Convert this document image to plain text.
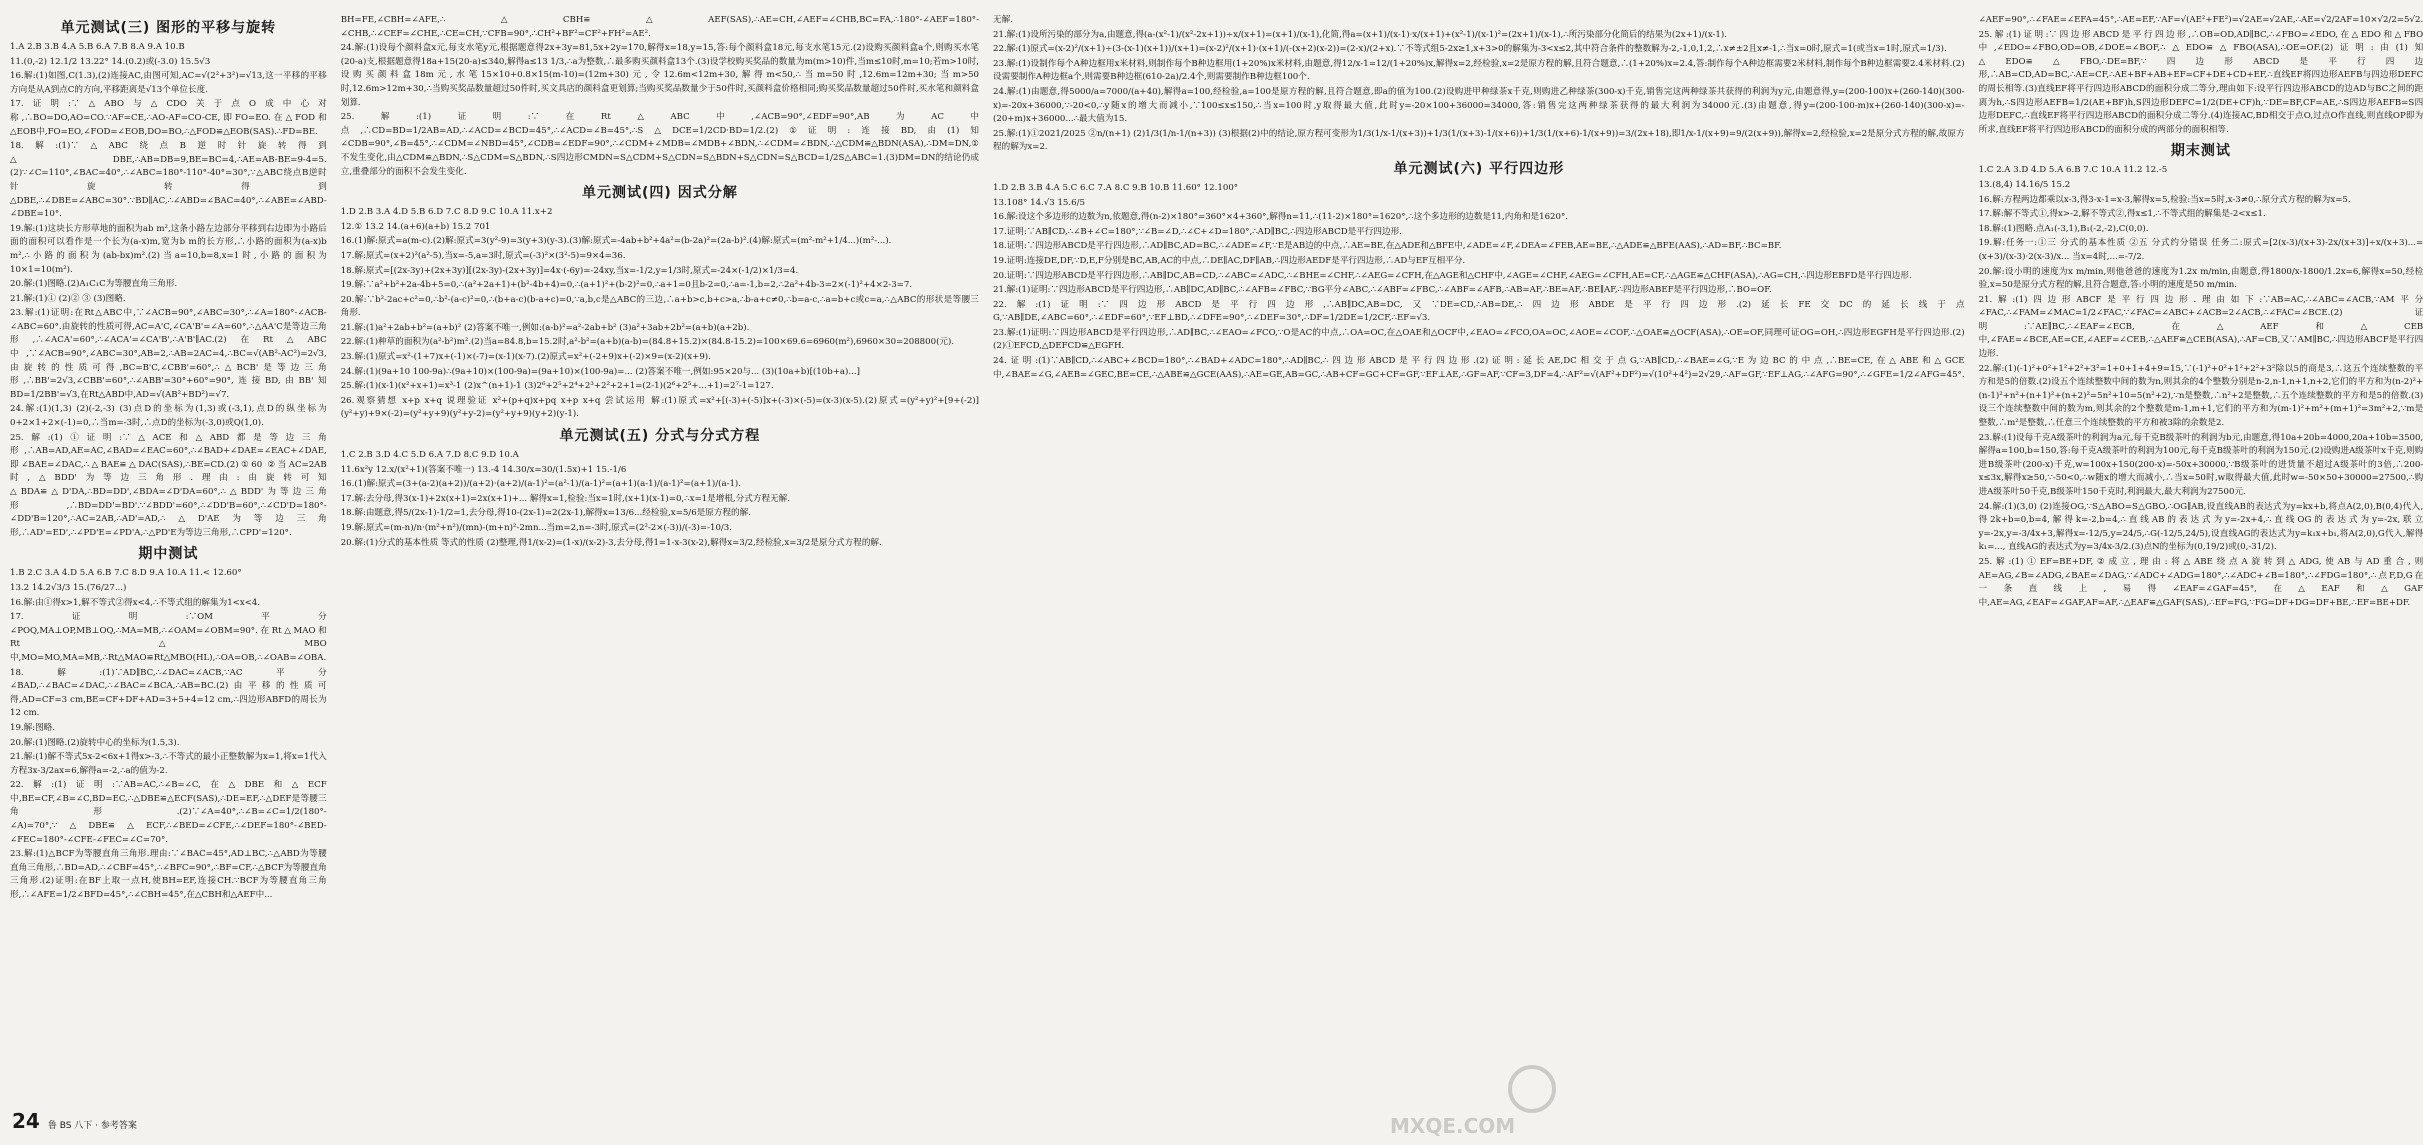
单元测试(三) 图形的平移与旋转

1.A 2.B 3.B 4.A 5.B 6.A 7.B 8.A 9.A 10.B

11.(0,-2) 12.1/2 13.22° 14.(0.2)或(-3.0) 15.5√3

16.解:(1)如图,C(1.3),(2)连接AC,由图可知,AC=√(2²+3²)=√13,这一平移的平移方向是从A到点C的方向,平移距离是√13个单位长度.

17.证明:∵△ABO与△CDO关于点O成中心对称,∴BO=DO,AO=CO.∵AF=CE,∴AO-AF=CO-CE,即FO=EO.在△FOD和△EOB中,FO=EO,∠FOD=∠EOB,DO=BO,∴△FOD≌△EOB(SAS).∴FD=BE.

18.解:(1)∵△ABC绕点B逆时针旋转得到△DBE,∴AB=DB=9,BE=BC=4,∴AE=AB-BE=9-4=5.(2)∵∠C=110°,∠BAC=40°,∴∠ABC=180°-110°-40°=30°,∵△ABC绕点B逆时针旋转得到△DBE,∴∠DBE=∠ABC=30°.∵BD∥AC,∴∠ABD=∠BAC=40°,∴∠ABE=∠ABD-∠DBE=10°.

19.解:(1)这块长方形草地的面积为ab m²,这条小路左边部分平移到右边即为小路后面的面积可以看作是一个长为(a-x)m,宽为b m的长方形,∴小路的面积为(a-x)b m²,∴小路的面积为(ab-bx)m².(2)当a=10,b=8,x=1时,小路的面积为10×1=10(m²).

20.解:(1)图略.(2)A₁C₁C为等腰直角三角形.

21.解:(1)① (2)② ③ (3)图略.

23.解:(1)证明:在Rt△ABC中,∵∠ACB=90°,∠ABC=30°,∴∠A=180°-∠ACB-∠ABC=60°.由旋转的性质可得,AC=A'C,∠CA'B'=∠A=60°,∴△AA'C是等边三角形,∴∠ACA'=60°,∴∠ACA'=∠CA'B',∴A'B'∥AC.(2)在Rt△ABC中,∵∠ACB=90°,∠ABC=30°,AB=2,∴AB=2AC=4,∴BC=√(AB²-AC²)=2√3,由旋转的性质可得,BC=B'C,∠CBB'=60°,∴△BCB'是等边三角形,∴BB'=2√3,∠CBB'=60°,∴∠ABB'=30°+60°=90°,连接BD,由BB'知BD=1/2BB'=√3,在Rt△ABD中,AD=√(AB²+BD²)=√7.

24.解:(1)(1,3) (2)(-2,-3) (3)点D的坐标为(1,3)或(-3,1),点D的纵坐标为0+2×1+2×(-1)=0,∴当m=-3时,∴点D的坐标为(-3,0)或Q(1,0).

25.解:(1)①证明:∵△ACE和△ABD都是等边三角形,∴AB=AD,AE=AC,∠BAD=∠EAC=60°,∴∠BAD+∠DAE=∠EAC+∠DAE,即∠BAE=∠DAC,∴△BAE≌△DAC(SAS),∴BE=CD.(2)①60 ②当AC=2AB时,△BDD'为等边三角形.理由:由旋转可知△BDA≌△D'DA,∴BD=DD',∠BDA=∠D'DA=60°,∴△BDD'为等边三角形,∴BD=DD'=BD'.∵∠BDD'=60°,∴∠DD'B=60°,∴∠CD'D=180°-∠DD'B=120°,∴AC=2AB,∴AD'=AD,∴△D'AE为等边三角形,∴AD'=ED',∴∠PD'E=∠PD'A,∴△PD'E为等边三角形,∴CPD'=120°.

期中测试

1.B 2.C 3.A 4.D 5.A 6.B 7.C 8.D 9.A 10.A 11.< 12.60°

13.2 14.2√3/3 15.(76/27...)

16.解:由①得x>1,解不等式②得x<4,∴不等式组的解集为1<x<4.

17.证明:∵OM平分∠POQ,MA⊥OP,MB⊥OQ,∴MA=MB,∴∠OAM=∠OBM=90°.在Rt△MAO和Rt△MBO中,MO=MO,MA=MB,∴Rt△MAO≌Rt△MBO(HL),∴OA=OB,∴∠OAB=∠OBA.

18.解:(1)∵AD∥BC,∴∠DAC=∠ACB,∵AC平分∠BAD,∴∠BAC=∠DAC,∴∠BAC=∠BCA,∴AB=BC.(2)由平移的性质可得,AD=CF=3 cm,BE=CF+DF+AD=3+5+4=12 cm,∴四边形ABFD的周长为12 cm.

19.解:图略.

20.解:(1)图略.(2)旋转中心的坐标为(1.5,3).

21.解:(1)解不等式5x-2<6x+1得x>-3,∴不等式的最小正整数解为x=1,将x=1代入方程3x-3/2ax=6,解得a=-2,∴a的值为-2.

22.解:(1)证明:∵AB=AC,∴∠B=∠C,在△DBE和△ECF中,BE=CF,∠B=∠C,BD=EC,∴△DBE≌△ECF(SAS),∴DE=EF,∴△DEF是等腰三角形.(2)∵∠A=40°,∴∠B=∠C=1/2(180°-∠A)=70°,∵△DBE≌△ECF,∴∠BED=∠CFE,∴∠DEF=180°-∠BED-∠FEC=180°-∠CFE-∠FEC=∠C=70°.

23.解:(1)△BCF为等腰直角三角形.理由:∵∠BAC=45°,AD⊥BC,∴△ABD为等腰直角三角形,∴BD=AD,∴∠CBF=45°,∴∠BFC=90°,∴BF=CF,∴△BCF为等腰直角三角形.(2)证明:在BF上取一点H,使BH=EF,连接CH.∵BCF为等腰直角三角形,∴∠AFE=1/2∠BFD=45°,∴∠CBH=45°,在△CBH和△AEF中...

BH=FE,∠CBH=∠AFE,∴△CBH≌△AEF(SAS),∴AE=CH,∠AEF=∠CHB,BC=FA,∴180°-∠AEF=180°-∠CHB,∴∠CEF=∠CHE,∴CE=CH,∵CFB=90°,∴CH²+BF²=CF²+FH²=AE².

24.解:(1)设每个颜料盒x元,每支水笔y元,根据题意得2x+3y=81,5x+2y=170,解得x=18,y=15,答:每个颜料盒18元,每支水笔15元.(2)设购买颜料盒a个,则购买水笔(20-a)支,根据题意得18a+15(20-a)≤340,解得a≤13 1/3,∴a为整数,∴最多购买颜料盒13个.(3)设学校购买奖品的数量为m(m>10)件,当m≤10时,m=10;若m>10时,设购买颜料盒18m元,水笔15×10+0.8×15(m-10)=(12m+30)元,令12.6m<12m+30,解得m<50,∴当m=50时,12.6m=12m+30;当m>50时,12.6m>12m+30,∴当购买奖品数量超过50件时,买文具店的颜料盒更划算;当购买奖品数量少于50件时,买颜料盒价格相同;购买奖品数量超过50件时,买水笔和颜料盒划算.

25.解:(1)证明:∵在Rt△ABC中,∠ACB=90°,∠EDF=90°,AB为AC中点,∴CD=BD=1/2AB=AD,∴∠ACD=∠BCD=45°,∴∠ACD=∠B=45°,∴S△DCE=1/2CD·BD=1/2.(2)①证明:连接BD,由(1)知∠CDB=90°,∠B=45°,∴∠CDM=∠NBD=45°,∠CDB=∠EDF=90°,∴∠CDM+∠MDB=∠MDB+∠BDN,∴∠CDM=∠BDN,∴△CDM≌△BDN(ASA),∴DM=DN,①不发生变化,由△CDM≌△BDN,∴S△CDM=S△BDN,∴S四边形CMDN=S△CDM+S△CDN=S△BDN+S△CDN=S△BCD=1/2S△ABC=1.(3)DM=DN的结论仍成立,重叠部分的面积不会发生变化.

单元测试(四) 因式分解

1.D 2.B 3.A 4.D 5.B 6.D 7.C 8.D 9.C 10.A 11.x+2

12.① 13.2 14.(a+6)(a+b) 15.2 701

16.(1)解:原式=a(m-c).(2)解:原式=3(y²-9)=3(y+3)(y-3).(3)解:原式=-4ab+b²+4a²=(b-2a)²=(2a-b)².(4)解:原式=(m²-m²+1/4...)(m²-...).

17.解:原式=(x+2)²(a²-5),当x=-5,a=3时,原式=(-3)²×(3²-5)=9×4=36.

18.解:原式=[(2x-3y)+(2x+3y)][(2x-3y)-(2x+3y)]=4x·(-6y)=-24xy,当x=-1/2,y=1/3时,原式=-24×(-1/2)×1/3=4.

19.解:∵a²+b²+2a-4b+5=0,∴(a²+2a+1)+(b²-4b+4)=0,∴(a+1)²+(b-2)²=0,∴a+1=0且b-2=0,∴a=-1,b=2,∴2a²+4b-3=2×(-1)²+4×2-3=7.

20.解:∵b²-2ac+c²=0,∴b²-(a-c)²=0,∴(b+a-c)(b-a+c)=0,∵a,b,c是△ABC的三边,∴a+b>c,b+c>a,∴b-a+c≠0,∴b=a-c,∴a=b+c或c=a,∴△ABC的形状是等腰三角形.

21.解:(1)a²+2ab+b²=(a+b)² (2)答案不唯一,例如:(a-b)²=a²-2ab+b² (3)a²+3ab+2b²=(a+b)(a+2b).

22.解:(1)种草的面积为(a²-b²)m².(2)当a=84.8,b=15.2时,a²-b²=(a+b)(a-b)=(84.8+15.2)×(84.8-15.2)=100×69.6=6960(m²),6960×30=208800(元).

23.解:(1)原式=x²-(1+7)x+(-1)×(-7)=(x-1)(x-7).(2)原式=x²+(-2+9)x+(-2)×9=(x-2)(x+9).

24.解:(1)(9a+10 100-9a)∴(9a+10)×(100-9a)=(9a+10)×(100-9a)=... (2)答案不唯一,例如:95×20与... (3)(10a+b)[(10b+a)...]

25.解:(1)(x-1)(x²+x+1)=x³-1 (2)x^(n+1)-1 (3)2⁶+2⁵+2⁴+2³+2²+2+1=(2-1)(2⁶+2⁵+...+1)=2⁷-1=127.

26.观察猜想 x+p x+q 说理验证 x²+(p+q)x+pq x+p x+q 尝试运用 解:(1)原式=x²+[(-3)+(-5)]x+(-3)×(-5)=(x-3)(x-5).(2)原式=(y²+y)²+[9+(-2)](y²+y)+9×(-2)=(y²+y+9)(y²+y-2)=(y²+y+9)(y+2)(y-1).

单元测试(五) 分式与分式方程

1.C 2.B 3.D 4.C 5.D 6.A 7.D 8.C 9.D 10.A

11.6x²y 12.x/(x²+1)(答案不唯一) 13.-4 14.30/x=30/(1.5x)+1 15.-1/6

16.(1)解:原式=(3+(a-2)(a+2))/(a+2)·(a+2)/(a-1)²=(a²-1)/(a-1)²=(a+1)(a-1)/(a-1)²=(a+1)/(a-1).

17.解:去分母,得3(x-1)+2x(x+1)=2x(x+1)+... 解得x=1,检验:当x=1时,(x+1)(x-1)=0,∴x=1是增根,分式方程无解.

18.解:由题意,得5/(2x-1)-1/2=1,去分母,得10-(2x-1)=2(2x-1),解得x=13/6...经检验,x=5/6是原方程的解.

19.解:原式=(m-n)/n·(m²+n²)/(mn)-(m+n)²-2mn...当m=2,n=-3时,原式=(2²-2×(-3))/(-3)=-10/3.

20.解:(1)分式的基本性质 等式的性质 (2)整理,得1/(x-2)=(1-x)/(x-2)-3,去分母,得1=1-x-3(x-2),解得x=3/2,经检验,x=3/2是原分式方程的解.

无解.

21.解:(1)设所污染的部分为a,由题意,得(a-(x²-1)/(x²-2x+1))÷x/(x+1)=(x+1)/(x-1),化简,得a=(x+1)/(x-1)·x/(x+1)+(x²-1)/(x-1)²=(2x+1)/(x-1),∴所污染部分化简后的结果为(2x+1)/(x-1).

22.解:(1)原式=(x-2)²/(x+1)÷(3-(x-1)(x+1))/(x+1)=(x-2)²/(x+1)·(x+1)/(-(x+2)(x-2))=(2-x)/(2+x).∵不等式组5-2x≥1,x+3>0的解集为-3<x≤2,其中符合条件的整数解为-2,-1,0,1,2,∴x≠±2且x≠-1,∴当x=0时,原式=1(或当x=1时,原式=1/3).

23.解:(1)设制作每个A种边框用x米材料,则制作每个B种边框用(1+20%)x米材料,由题意,得12/x-1=12/(1+20%)x,解得x=2,经检验,x=2是原方程的解,且符合题意,∴(1+20%)x=2.4,答:制作每个A种边框需要2米材料,制作每个B种边框需要2.4米材料.(2)设需要制作A种边框a个,则需要B种边框(610-2a)/2.4个,则需要制作B种边框100个.

24.解:(1)由题意,得5000/a=7000/(a+40),解得a=100,经检验,a=100是原方程的解,且符合题意,即a的值为100.(2)设购进甲种绿茶x千克,则购进乙种绿茶(300-x)千克,销售完这两种绿茶共获得的利润为y元,由题意得,y=(200-100)x+(260-140)(300-x)=-20x+36000,∵-20<0,∴y随x的增大而减小,∵100≤x≤150,∴当x=100时,y取得最大值,此时y=-20×100+36000=34000,答:销售完这两种绿茶获得的最大利润为34000元.(3)由题意,得y=(200-100-m)x+(260-140)(300-x)=-(20+m)x+36000...∴最大值为15.

25.解:(1)①2021/2025 ②n/(n+1) (2)1/3(1/n-1/(n+3)) (3)根据(2)中的结论,原方程可变形为1/3(1/x-1/(x+3))+1/3(1/(x+3)-1/(x+6))+1/3(1/(x+6)-1/(x+9))=3/(2x+18),即1/x-1/(x+9)=9/(2(x+9)),解得x=2,经检验,x=2是原分式方程的解,故原方程的解为x=2.

单元测试(六) 平行四边形

1.D 2.B 3.B 4.A 5.C 6.C 7.A 8.C 9.B 10.B 11.60° 12.100°

13.108° 14.√3 15.6/5

16.解:设这个多边形的边数为n,依题意,得(n-2)×180°=360°×4+360°,解得n=11,∴(11-2)×180°=1620°,∴这个多边形的边数是11,内角和是1620°.

17.证明:∵AB∥CD,∴∠B+∠C=180°,∵∠B=∠D,∴∠C+∠D=180°,∴AD∥BC,∴四边形ABCD是平行四边形.

18.证明:∵四边形ABCD是平行四边形,∴AD∥BC,AD=BC,∴∠ADE=∠F,∵E是AB边的中点,∴AE=BE,在△ADE和△BFE中,∠ADE=∠F,∠DEA=∠FEB,AE=BE,∴△ADE≌△BFE(AAS),∴AD=BF,∴BC=BF.

19.证明:连接DE,DF,∵D,E,F分别是BC,AB,AC的中点,∴DE∥AC,DF∥AB,∴四边形AEDF是平行四边形,∴AD与EF互相平分.

20.证明:∵四边形ABCD是平行四边形,∴AB∥DC,AB=CD,∴∠ABC=∠ADC,∴∠BHE=∠CHF,∴∠AEG=∠CFH,在△AGE和△CHF中,∠AGE=∠CHF,∠AEG=∠CFH,AE=CF,∴△AGE≌△CHF(ASA),∴AG=CH,∴四边形EBFD是平行四边形.

21.解:(1)证明:∵四边形ABCD是平行四边形,∴AB∥DC,AD∥BC,∴∠AFB=∠FBC,∵BG平分∠ABC,∴∠ABF=∠FBC,∴∠ABF=∠AFB,∴AB=AF,∴BE=AF,∴BE∥AF,∴四边形ABEF是平行四边形,∴BO=OF.

22.解:(1)证明:∵四边形ABCD是平行四边形,∴AB∥DC,AB=DC,又∵DE=CD,∴AB=DE,∴四边形ABDE是平行四边形.(2)延长FE交DC的延长线于点G,∵AB∥DE,∠ABC=60°,∴∠EDF=60°,∵EF⊥BD,∴∠DFE=90°,∴∠DEF=30°,∴DF=1/2DE=1/2CF,∴EF=√3.

23.解:(1)证明:∵四边形ABCD是平行四边形,∴AD∥BC,∴∠EAO=∠FCO,∵O是AC的中点,∴OA=OC,在△OAE和△OCF中,∠EAO=∠FCO,OA=OC,∠AOE=∠COF,∴△OAE≌△OCF(ASA),∴OE=OF,同理可证OG=OH,∴四边形EGFH是平行四边形.(2)(2)①EFCD,△DEFCD≌△EGFH.

24.证明:(1)∵AB∥CD,∴∠ABC+∠BCD=180°,∴∠BAD+∠ADC=180°,∴AD∥BC,∴四边形ABCD是平行四边形.(2)证明:延长AE,DC相交于点G,∵AB∥CD,∴∠BAE=∠G,∵E为边BC的中点,∴BE=CE,在△ABE和△GCE中,∠BAE=∠G,∠AEB=∠GEC,BE=CE,∴△ABE≌△GCE(AAS),∴AE=GE,AB=GC,∴AB+CF=GC+CF=GF,∵EF⊥AE,∴GF=AF,∵CF=3,DF=4,∴AF²=√(AF²+DF²)=√(10²+4²)=2√29,∴AF=GF,∵EF⊥AG,∴∠AFG=90°,∴∠GFE=1/2∠AFG=45°.

∠AEF=90°,∴∠FAE=∠EFA=45°,∴AE=EF,∵AF=√(AE²+FE²)=√2AE=√2AE,∴AE=√2/2AF=10×√2/2=5√2.

25.解:(1)证明:∵四边形ABCD是平行四边形,∴OB=OD,AD∥BC,∴∠FBO=∠EDO,在△EDO和△FBO中,∠EDO=∠FBO,OD=OB,∠DOE=∠BOF,∴△EDO≌△FBO(ASA),∴OE=OF.(2)证明:由(1)知△EDO≌△FBO,∴DE=BF,∵四边形ABCD是平行四边形,∴AB=CD,AD=BC,∴AE=CF,∴AE+BF+AB+EF=CF+DE+CD+EF,∴直线EF将四边形AEFB与四边形DEFC的周长相等.(3)直线EF将平行四边形ABCD的面积分成二等分,理由如下:设平行四边形ABCD的边AD与BC之间的距离为h,∴S四边形AEFB=1/2(AE+BF)h,S四边形DEFC=1/2(DE+CF)h,∵DE=BF,CF=AE,∴S四边形AEFB=S四边形DEFC,∴直线EF将平行四边形ABCD的面积分成二等分.(4)连接AC,BD相交于点O,过点O作直线,则直线OP即为所求,直线EF将平行四边形ABCD的面积分成的两部分的面积相等.

期末测试

1.C 2.A 3.D 4.D 5.A 6.B 7.C 10.A 11.2 12.-5

13.(8,4) 14.16/5 15.2

16.解:方程两边都乘以x-3,得3-x-1=x-3,解得x=5,检验:当x=5时,x-3≠0,∴原分式方程的解为x=5.

17.解:解不等式①,得x>-2,解不等式②,得x≤1,∴不等式组的解集是-2<x≤1.

18.解:(1)图略.点A₁(-3,1),B₁(-2,-2),C(0,0).

19.解:任务一:①三 分式的基本性质 ②五 分式约分错误 任务二:原式=[2(x-3)/(x+3)-2x/(x+3)]÷x/(x+3)...=(x+3)/(x-3)·2(x-3)/x... 当x=4时,...=-7/2.

20.解:设小明的速度为x m/min,则他爸爸的速度为1.2x m/min,由题意,得1800/x-1800/1.2x=6,解得x=50,经检验,x=50是原分式方程的解,且符合题意,答:小明的速度是50 m/min.

21.解:(1)四边形ABCF是平行四边形.理由如下:∵AB=AC,∴∠ABC=∠ACB,∵AM平分∠FAC,∴∠FAM=∠MAC=1/2∠FAC,∵∠FAC=∠ABC+∠ACB=2∠ACB,∴∠FAC=∠BCE.(2)证明:∵AE∥BC,∴∠EAF=∠ECB,在△AEF和△CEB中,∠FAE=∠BCE,AE=CE,∠AEF=∠CEB,∴△AEF≌△CEB(ASA),∴AF=CB,又∵AM∥BC,∴四边形ABCF是平行四边形.

22.解:(1)(-1)²+0²+1²+2²+3²=1+0+1+4+9=15,∵(-1)²+0²+1²+2²+3²除以5的商是3,∴这五个连续整数的平方和是5的倍数.(2)设五个连续整数中间的数为n,则其余的4个整数分别是n-2,n-1,n+1,n+2,它们的平方和为(n-2)²+(n-1)²+n²+(n+1)²+(n+2)²=5n²+10=5(n²+2),∵n是整数,∴n²+2是整数,∴五个连续整数的平方和是5的倍数.(3)设三个连续整数中间的数为m,则其余的2个整数是m-1,m+1,它们的平方和为(m-1)²+m²+(m+1)²=3m²+2,∵m是整数,∴m²是整数,∴任意三个连续整数的平方和被3除的余数是2.

23.解:(1)设每千克A级茶叶的利润为a元,每千克B级茶叶的利润为b元,由题意,得10a+20b=4000,20a+10b=3500,解得a=100,b=150,答:每千克A级茶叶的利润为100元,每千克B级茶叶的利润为150元.(2)设购进A级茶叶x千克,则购进B级茶叶(200-x)千克,w=100x+150(200-x)=-50x+30000,∵B级茶叶的进货量不超过A级茶叶的3倍,∴200-x≤3x,解得x≥50,∵-50<0,∴w随x的增大而减小,∴当x=50时,w取得最大值,此时w=-50×50+30000=27500,∴购进A级茶叶50千克,B级茶叶150千克时,利润最大,最大利润为27500元.

24.解:(1)(3,0) (2)连接OG,∵S△ABO=S△GBO,∴OG∥AB,设直线AB的表达式为y=kx+b,将点A(2,0),B(0,4)代入,得2k+b=0,b=4,解得k=-2,b=4,∴直线AB的表达式为y=-2x+4,∴直线OG的表达式为y=-2x,联立y=-2x,y=-3/4x+3,解得x=-12/5,y=24/5,∴G(-12/5,24/5),设直线AG的表达式为y=k₁x+b₁,将A(2,0),G代入,解得k₁=..., 直线AG的表达式为y=3/4x-3/2.(3)点N的坐标为(0,19/2)或(0,-31/2).

25.解:(1)①EF=BE+DF,②成立,理由:将△ABE绕点A旋转到△ADG,使AB与AD重合,则AE=AG,∠B=∠ADG,∠BAE=∠DAG,∵∠ADC+∠ADG=180°,∴∠ADC+∠B=180°,∴∠FDG=180°,∴点F,D,G在一条直线上,易得∠EAF=∠GAF=45°,在△EAF和△GAF中,AE=AG,∠EAF=∠GAF,AF=AF,∴△EAF≌△GAF(SAS),∴EF=FG,∵FG=DF+DG=DF+BE,∴EF=BE+DF.

24 鲁 BS 八下 · 参考答案	MXQE.COM
